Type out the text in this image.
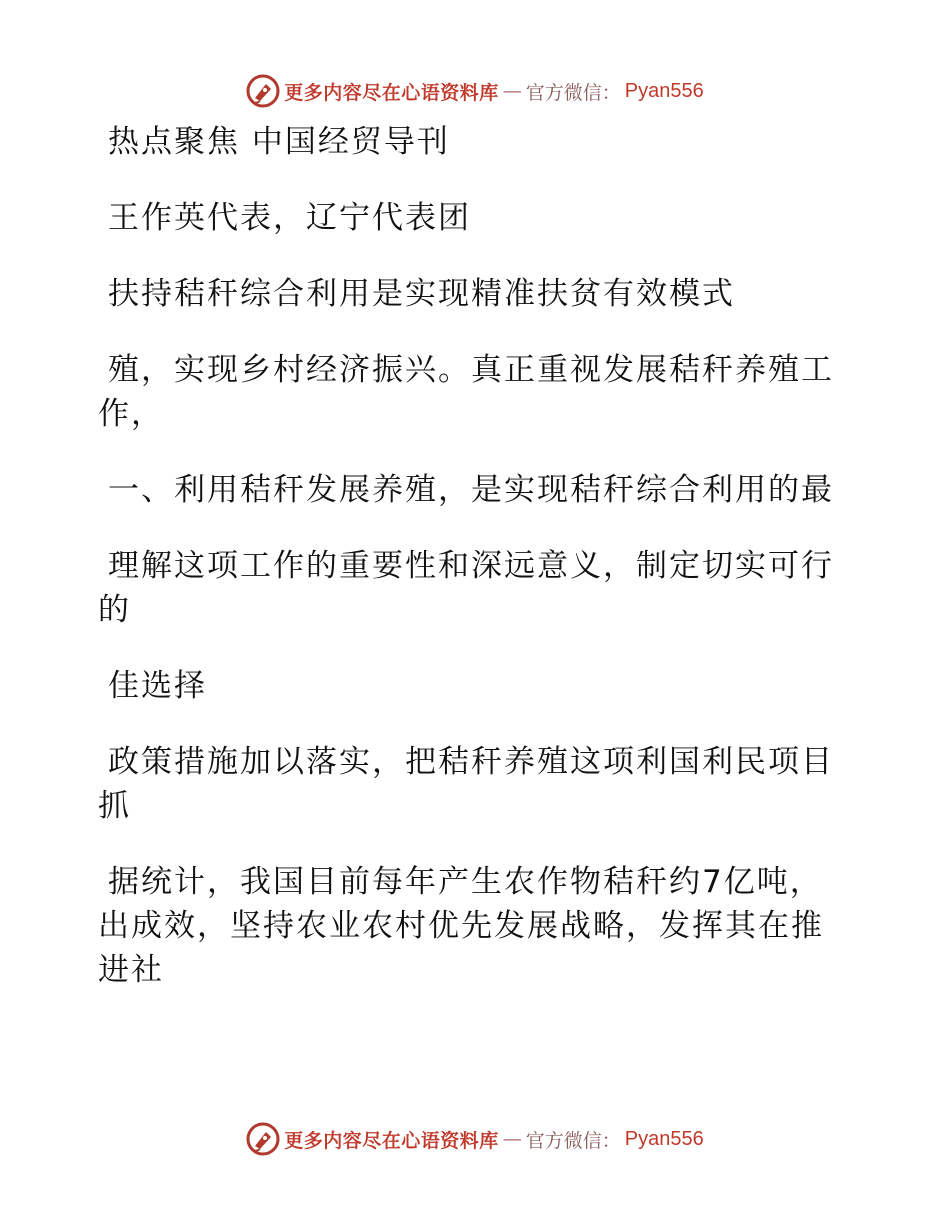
更多内容尽在心语资料库 — 官方微信： Pyan556

热点聚焦 中国经贸导刊

王作英代表，辽宁代表团

扶持秸秆综合利用是实现精准扶贫有效模式

殖，实现乡村经济振兴。真正重视发展秸秆养殖工作，

一、利用秸秆发展养殖，是实现秸秆综合利用的最

理解这项工作的重要性和深远意义，制定切实可行的

佳选择

政策措施加以落实，把秸秆养殖这项利国利民项目抓

据统计，我国目前每年产生农作物秸秆约7亿吨， 出成效，坚持农业农村优先发展战略，发挥其在推进社

更多内容尽在心语资料库 — 官方微信： Pyan556
